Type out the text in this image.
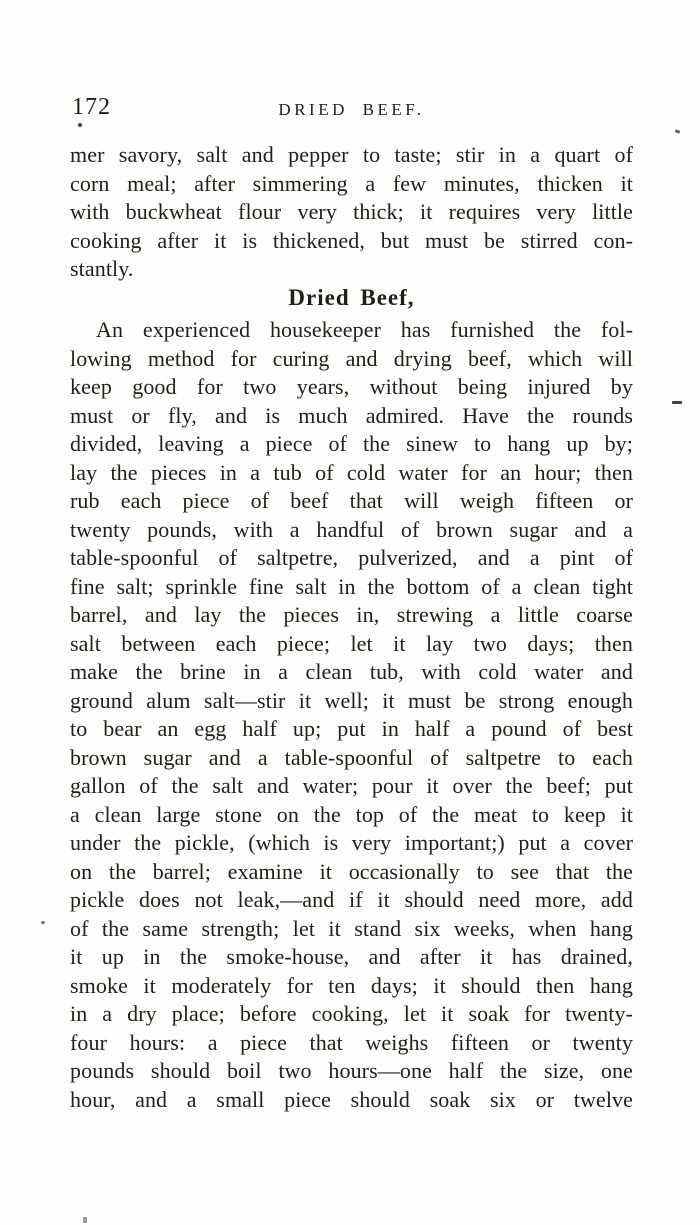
172	DRIED BEEF.
mer savory, salt and pepper to taste; stir in a quart of
corn meal; after simmering a few minutes, thicken it
with buckwheat flour very thick; it requires very little
cooking after it is thickened, but must be stirred con-
stantly.
Dried Beef,
An experienced housekeeper has furnished the fol-
lowing method for curing and drying beef, which will
keep good for two years, without being injured by
must or fly, and is much admired. Have the rounds
divided, leaving a piece of the sinew to hang up by;
lay the pieces in a tub of cold water for an hour; then
rub each piece of beef that will weigh fifteen or
twenty pounds, with a handful of brown sugar and a
table-spoonful of saltpetre, pulverized, and a pint of
fine salt; sprinkle fine salt in the bottom of a clean tight
barrel, and lay the pieces in, strewing a little coarse
salt between each piece; let it lay two days; then
make the brine in a clean tub, with cold water and
ground alum salt—stir it well; it must be strong enough
to bear an egg half up; put in half a pound of best
brown sugar and a table-spoonful of saltpetre to each
gallon of the salt and water; pour it over the beef; put
a clean large stone on the top of the meat to keep it
under the pickle, (which is very important;) put a cover
on the barrel; examine it occasionally to see that the
pickle does not leak,—and if it should need more, add
of the same strength; let it stand six weeks, when hang
it up in the smoke-house, and after it has drained,
smoke it moderately for ten days; it should then hang
in a dry place; before cooking, let it soak for twenty-
four hours: a piece that weighs fifteen or twenty
pounds should boil two hours—one half the size, one
hour, and a small piece should soak six or twelve
